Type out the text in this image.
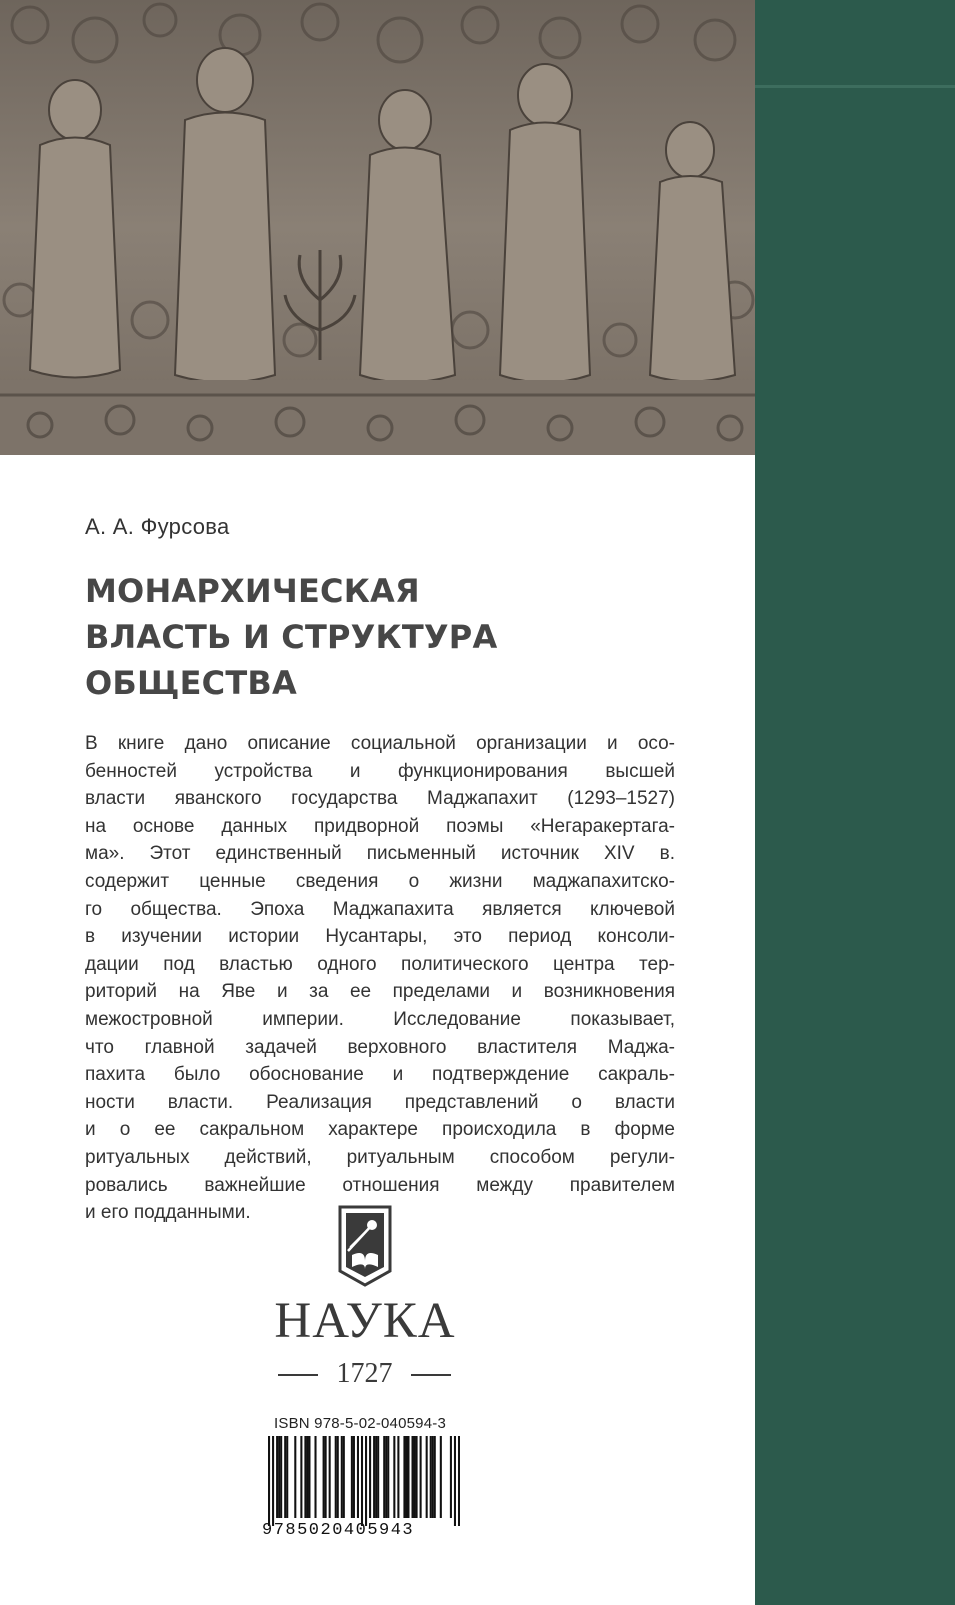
А. А. Фурсова
МОНАРХИЧЕСКАЯ
ВЛАСТЬ И СТРУКТУРА
ОБЩЕСТВА
В книге дано описание социальной организации и осо-
бенностей устройства и функционирования высшей
власти яванского государства Маджапахит (1293–1527)
на основе данных придворной поэмы «Негаракертага-
ма». Этот единственный письменный источник XIV в.
содержит ценные сведения о жизни маджапахитско-
го общества. Эпоха Маджапахита является ключевой
в изучении истории Нусантары, это период консоли-
дации под властью одного политического центра тер-
риторий на Яве и за ее пределами и возникновения
межостровной империи. Исследование показывает,
что главной задачей верховного властителя Маджа-
пахита было обоснование и подтверждение сакраль-
ности власти. Реализация представлений о власти
и о ее сакральном характере происходила в форме
ритуальных действий, ритуальным способом регули-
ровались важнейшие отношения между правителем
и его подданными.
НАУКА
1727
ISBN 978-5-02-040594-3
9785020405943
